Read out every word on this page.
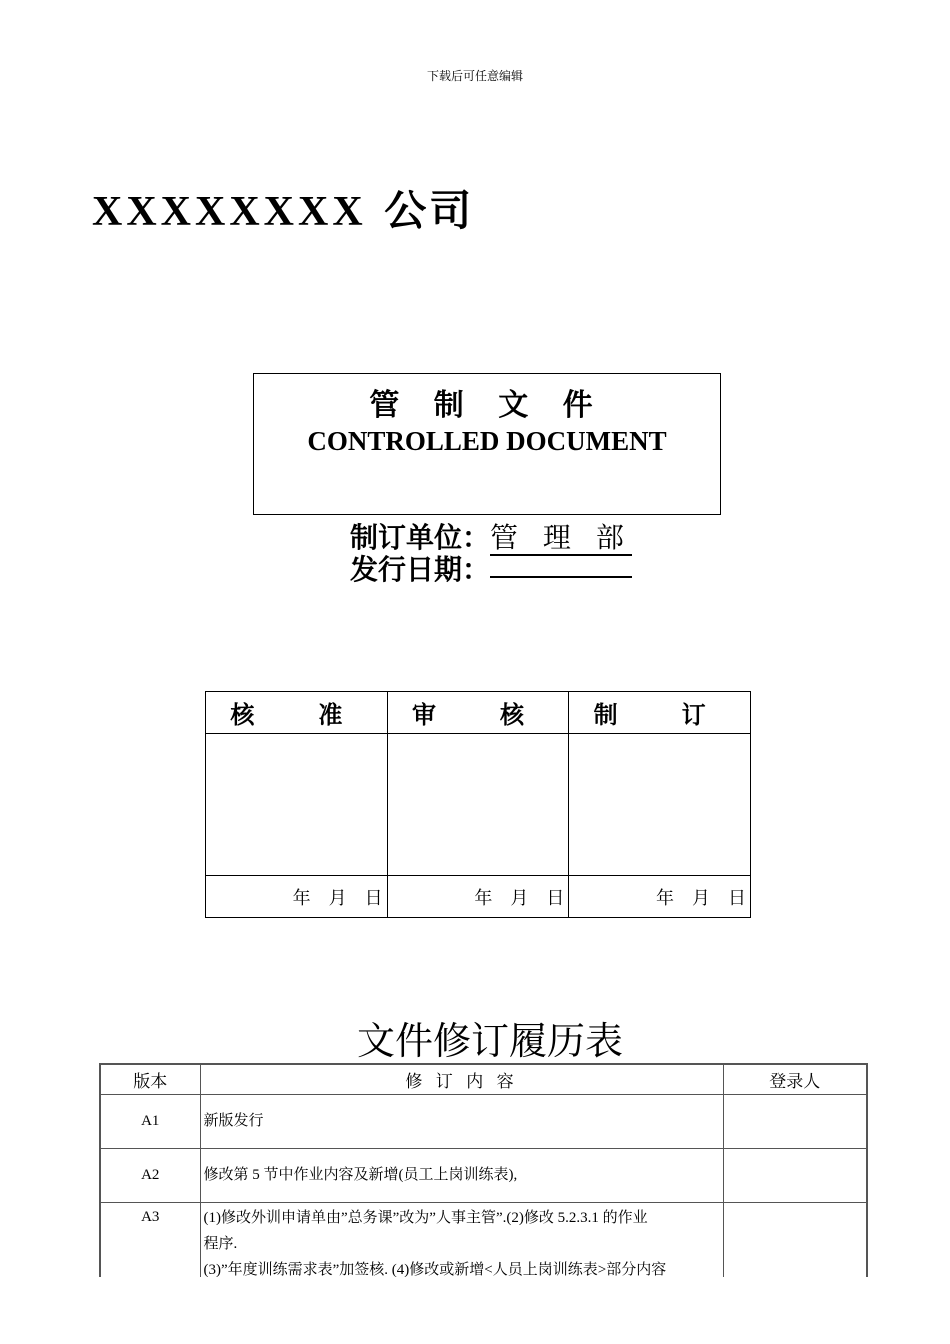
下载后可任意编辑
XXXXXXXX 公司
管 制 文 件
CONTROLLED DOCUMENT
制订单位：管 理 部
发行日期：
核　准	审　核	制　订

年 月 日	年 月 日	年 月 日
文件修订履历表
版本	修 订 内 容	登录人
A1	新版发行	
A2	修改第 5 节中作业内容及新增(员工上岗训练表),	
A3	(1)修改外训申请单由”总务课”改为”人事主管”.(2)修改 5.2.3.1 的作业
程序.
(3)”年度训练需求表”加签核. (4)修改或新增<人员上岗训练表>部分内容	
